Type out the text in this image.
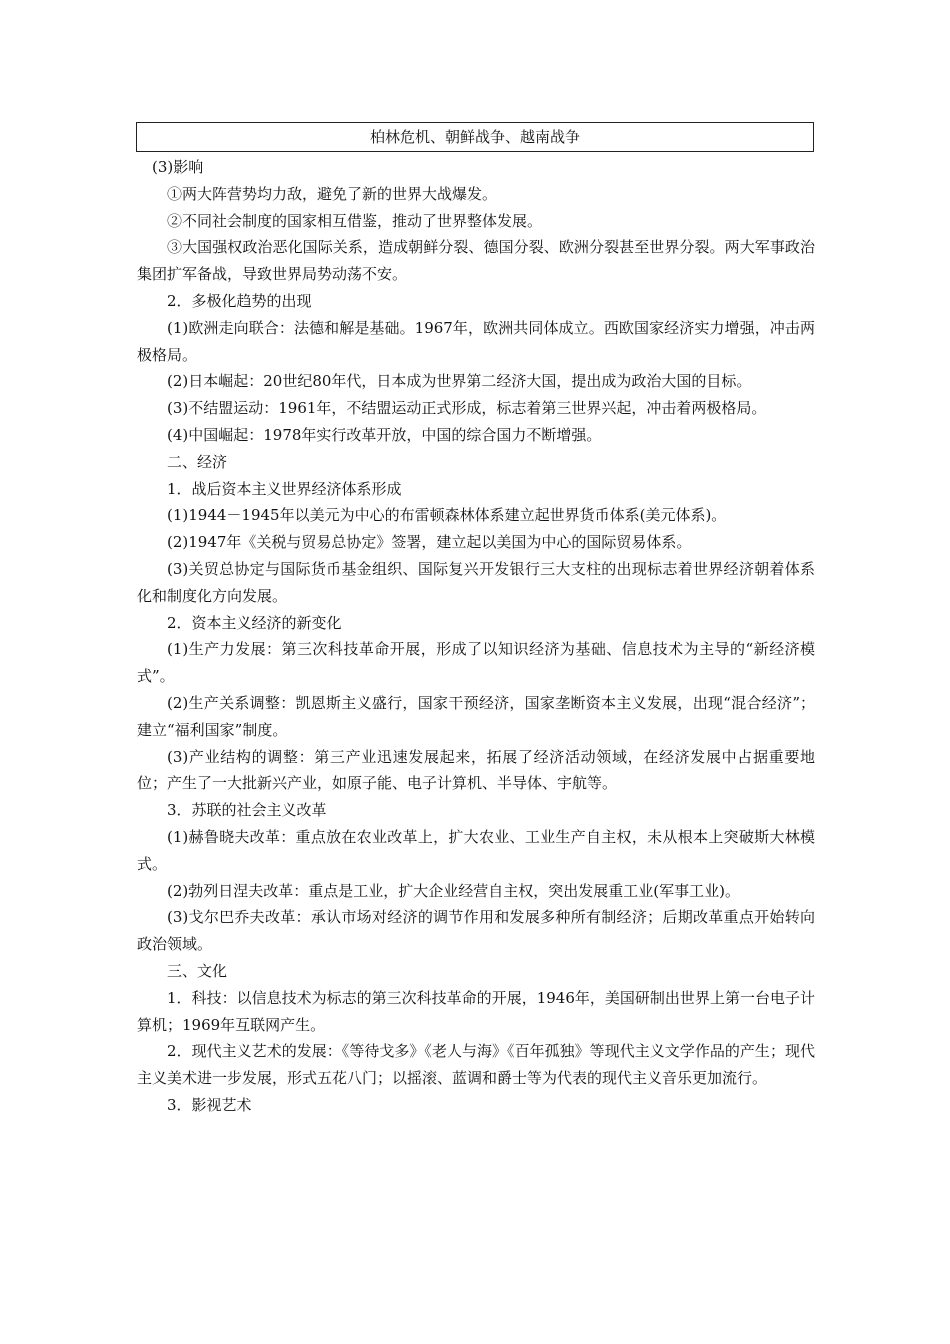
柏林危机、朝鲜战争、越南战争

(3)影响

①两大阵营势均力敌，避免了新的世界大战爆发。

②不同社会制度的国家相互借鉴，推动了世界整体发展。

③大国强权政治恶化国际关系，造成朝鲜分裂、德国分裂、欧洲分裂甚至世界分裂。两大军事政治集团扩军备战，导致世界局势动荡不安。

2．多极化趋势的出现

(1)欧洲走向联合：法德和解是基础。1967年，欧洲共同体成立。西欧国家经济实力增强，冲击两极格局。

(2)日本崛起：20世纪80年代，日本成为世界第二经济大国，提出成为政治大国的目标。

(3)不结盟运动：1961年，不结盟运动正式形成，标志着第三世界兴起，冲击着两极格局。

(4)中国崛起：1978年实行改革开放，中国的综合国力不断增强。

二、经济

1．战后资本主义世界经济体系形成

(1)1944－1945年以美元为中心的布雷顿森林体系建立起世界货币体系(美元体系)。

(2)1947年《关税与贸易总协定》签署，建立起以美国为中心的国际贸易体系。

(3)关贸总协定与国际货币基金组织、国际复兴开发银行三大支柱的出现标志着世界经济朝着体系化和制度化方向发展。

2．资本主义经济的新变化

(1)生产力发展：第三次科技革命开展，形成了以知识经济为基础、信息技术为主导的“新经济模式”。

(2)生产关系调整：凯恩斯主义盛行，国家干预经济，国家垄断资本主义发展，出现“混合经济”；建立“福利国家”制度。

(3)产业结构的调整：第三产业迅速发展起来，拓展了经济活动领域，在经济发展中占据重要地位；产生了一大批新兴产业，如原子能、电子计算机、半导体、宇航等。

3．苏联的社会主义改革

(1)赫鲁晓夫改革：重点放在农业改革上，扩大农业、工业生产自主权，未从根本上突破斯大林模式。

(2)勃列日涅夫改革：重点是工业，扩大企业经营自主权，突出发展重工业(军事工业)。

(3)戈尔巴乔夫改革：承认市场对经济的调节作用和发展多种所有制经济；后期改革重点开始转向政治领域。

三、文化

1．科技：以信息技术为标志的第三次科技革命的开展，1946年，美国研制出世界上第一台电子计算机；1969年互联网产生。

2．现代主义艺术的发展：《等待戈多》《老人与海》《百年孤独》等现代主义文学作品的产生；现代主义美术进一步发展，形式五花八门；以摇滚、蓝调和爵士等为代表的现代主义音乐更加流行。

3．影视艺术
